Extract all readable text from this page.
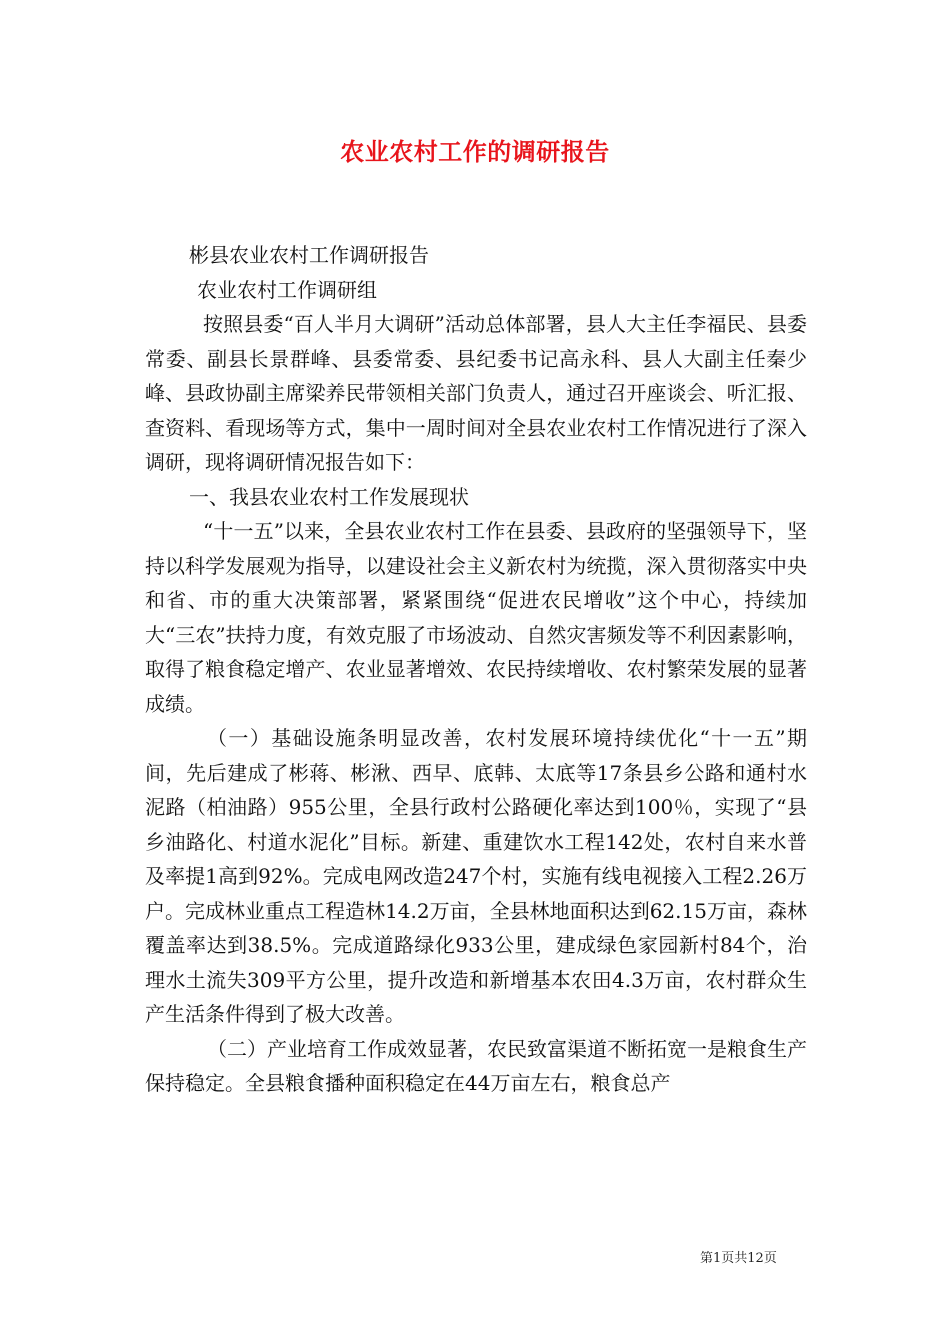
农业农村工作的调研报告

彬县农业农村工作调研报告

农业农村工作调研组

按照县委“百人半月大调研”活动总体部署，县人大主任李福民、县委常委、副县长景群峰、县委常委、县纪委书记高永科、县人大副主任秦少峰、县政协副主席梁养民带领相关部门负责人，通过召开座谈会、听汇报、查资料、看现场等方式，集中一周时间对全县农业农村工作情况进行了深入调研，现将调研情况报告如下：

一、我县农业农村工作发展现状

“十一五”以来，全县农业农村工作在县委、县政府的坚强领导下，坚持以科学发展观为指导，以建设社会主义新农村为统揽，深入贯彻落实中央和省、市的重大决策部署，紧紧围绕“促进农民增收”这个中心，持续加大“三农”扶持力度，有效克服了市场波动、自然灾害频发等不利因素影响，取得了粮食稳定增产、农业显著增效、农民持续增收、农村繁荣发展的显著成绩。

（一）基础设施条明显改善，农村发展环境持续优化“十一五”期间，先后建成了彬蒋、彬湫、西早、底韩、太底等17条县乡公路和通村水泥路（柏油路）955公里，全县行政村公路硬化率达到100％，实现了“县乡油路化、村道水泥化”目标。新建、重建饮水工程142处，农村自来水普及率提1高到92%。完成电网改造247个村，实施有线电视接入工程2.26万户。完成林业重点工程造林14.2万亩，全县林地面积达到62.15万亩，森林覆盖率达到38.5%。完成道路绿化933公里，建成绿色家园新村84个，治理水土流失309平方公里，提升改造和新增基本农田4.3万亩，农村群众生产生活条件得到了极大改善。

（二）产业培育工作成效显著，农民致富渠道不断拓宽一是粮食生产保持稳定。全县粮食播种面积稳定在44万亩左右，粮食总产

第1页共12页
